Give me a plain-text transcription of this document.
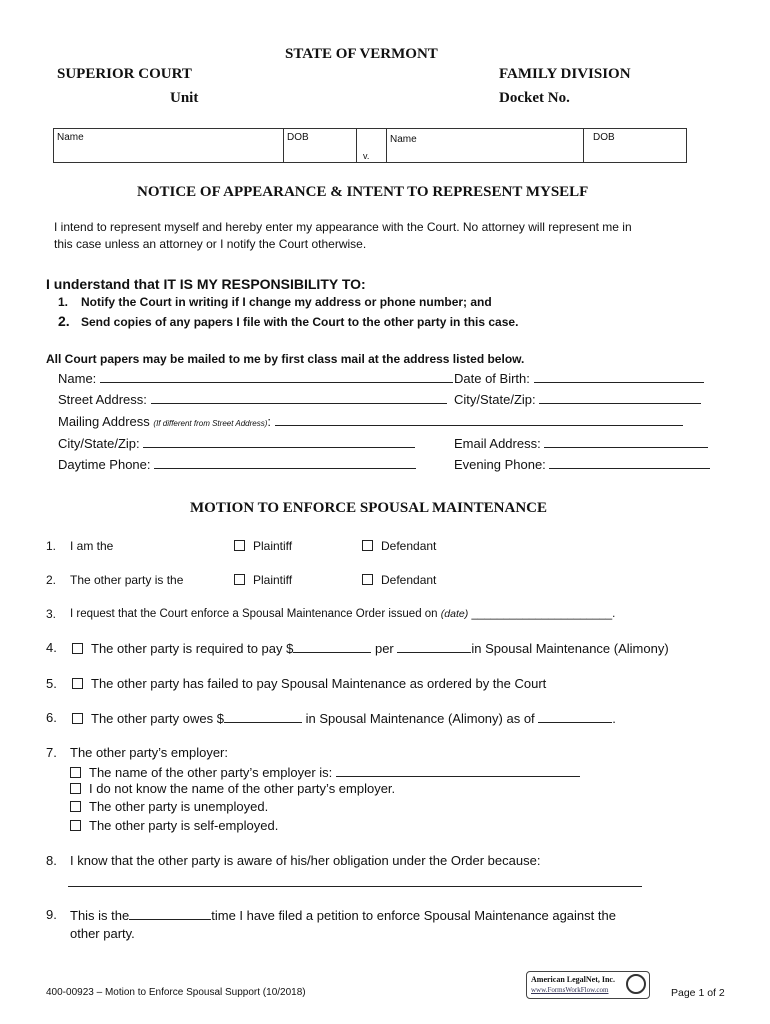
STATE OF VERMONT
SUPERIOR COURT	FAMILY DIVISION
Unit	Docket No.
Name	DOB
v.
Name	DOB
NOTICE OF APPEARANCE & INTENT TO REPRESENT MYSELF
I intend to represent myself and hereby enter my appearance with the Court. No attorney will represent me in
this case unless an attorney or I notify the Court otherwise.
I understand that IT IS MY RESPONSIBILITY TO:
1. Notify the Court in writing if I change my address or phone number; and
2. Send copies of any papers I file with the Court to the other party in this case.
All Court papers may be mailed to me by first class mail at the address listed below.
Name:	Date of Birth:
Street Address:	City/State/Zip:
Mailing Address (If different from Street Address):
City/State/Zip:	Email Address:
Daytime Phone:	Evening Phone:
MOTION TO ENFORCE SPOUSAL MAINTENANCE
1. I am the	Plaintiff	Defendant
2. The other party is the	Plaintiff	Defendant
3. I request that the Court enforce a Spousal Maintenance Order issued on (date) ______________________.
4.	The other party is required to pay $	per	in Spousal Maintenance (Alimony)
5.	The other party has failed to pay Spousal Maintenance as ordered by the Court
6.	The other party owes $	in Spousal Maintenance (Alimony) as of	.
7. The other party’s employer:
The name of the other party’s employer is:
I do not know the name of the other party’s employer.
The other party is unemployed.
The other party is self-employed.
8. I know that the other party is aware of his/her obligation under the Order because:
9. This is the	time I have filed a petition to enforce Spousal Maintenance against the
other party.
400-00923 – Motion to Enforce Spousal Support (10/2018)
American LegalNet, Inc.
www.FormsWorkFlow.com	Page 1 of 2
